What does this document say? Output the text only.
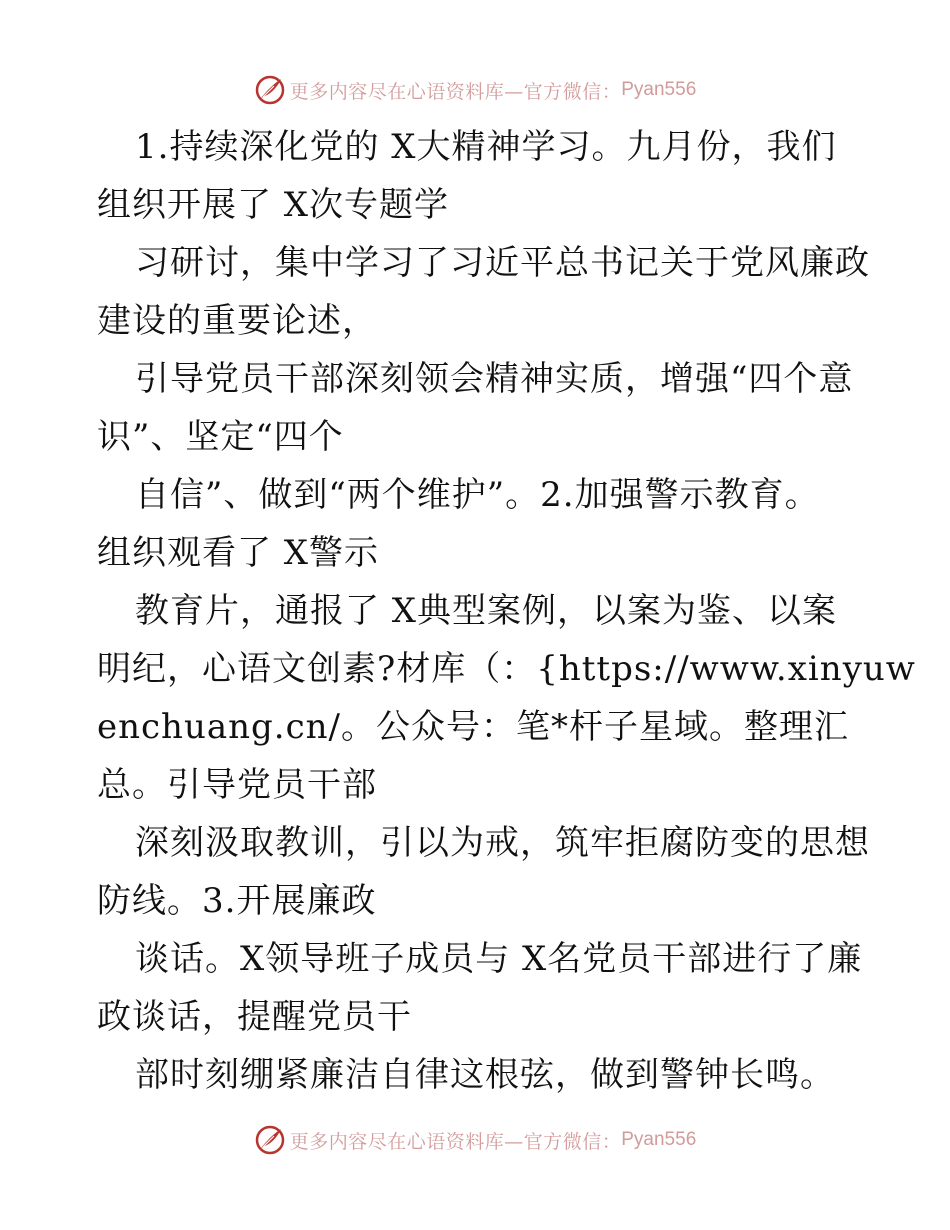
更多内容尽在心语资料库—官方微信： Pyan556
1.持续深化党的 X大精神学习。九月份，我们
组织开展了 X次专题学
习研讨，集中学习了习近平总书记关于党风廉政
建设的重要论述，
引导党员干部深刻领会精神实质，增强“四个意
识”、坚定“四个
自信”、做到“两个维护”。2.加强警示教育。
组织观看了 X警示
教育片，通报了 X典型案例，以案为鉴、以案
明纪，心语文创素?材库（：{https://www.xinyuw
enchuang.cn/。公众号：笔*杆子星域。整理汇
总。引导党员干部
深刻汲取教训，引以为戒，筑牢拒腐防变的思想
防线。3.开展廉政
谈话。X领导班子成员与 X名党员干部进行了廉
政谈话，提醒党员干
部时刻绷紧廉洁自律这根弦，做到警钟长鸣。
更多内容尽在心语资料库—官方微信： Pyan556
